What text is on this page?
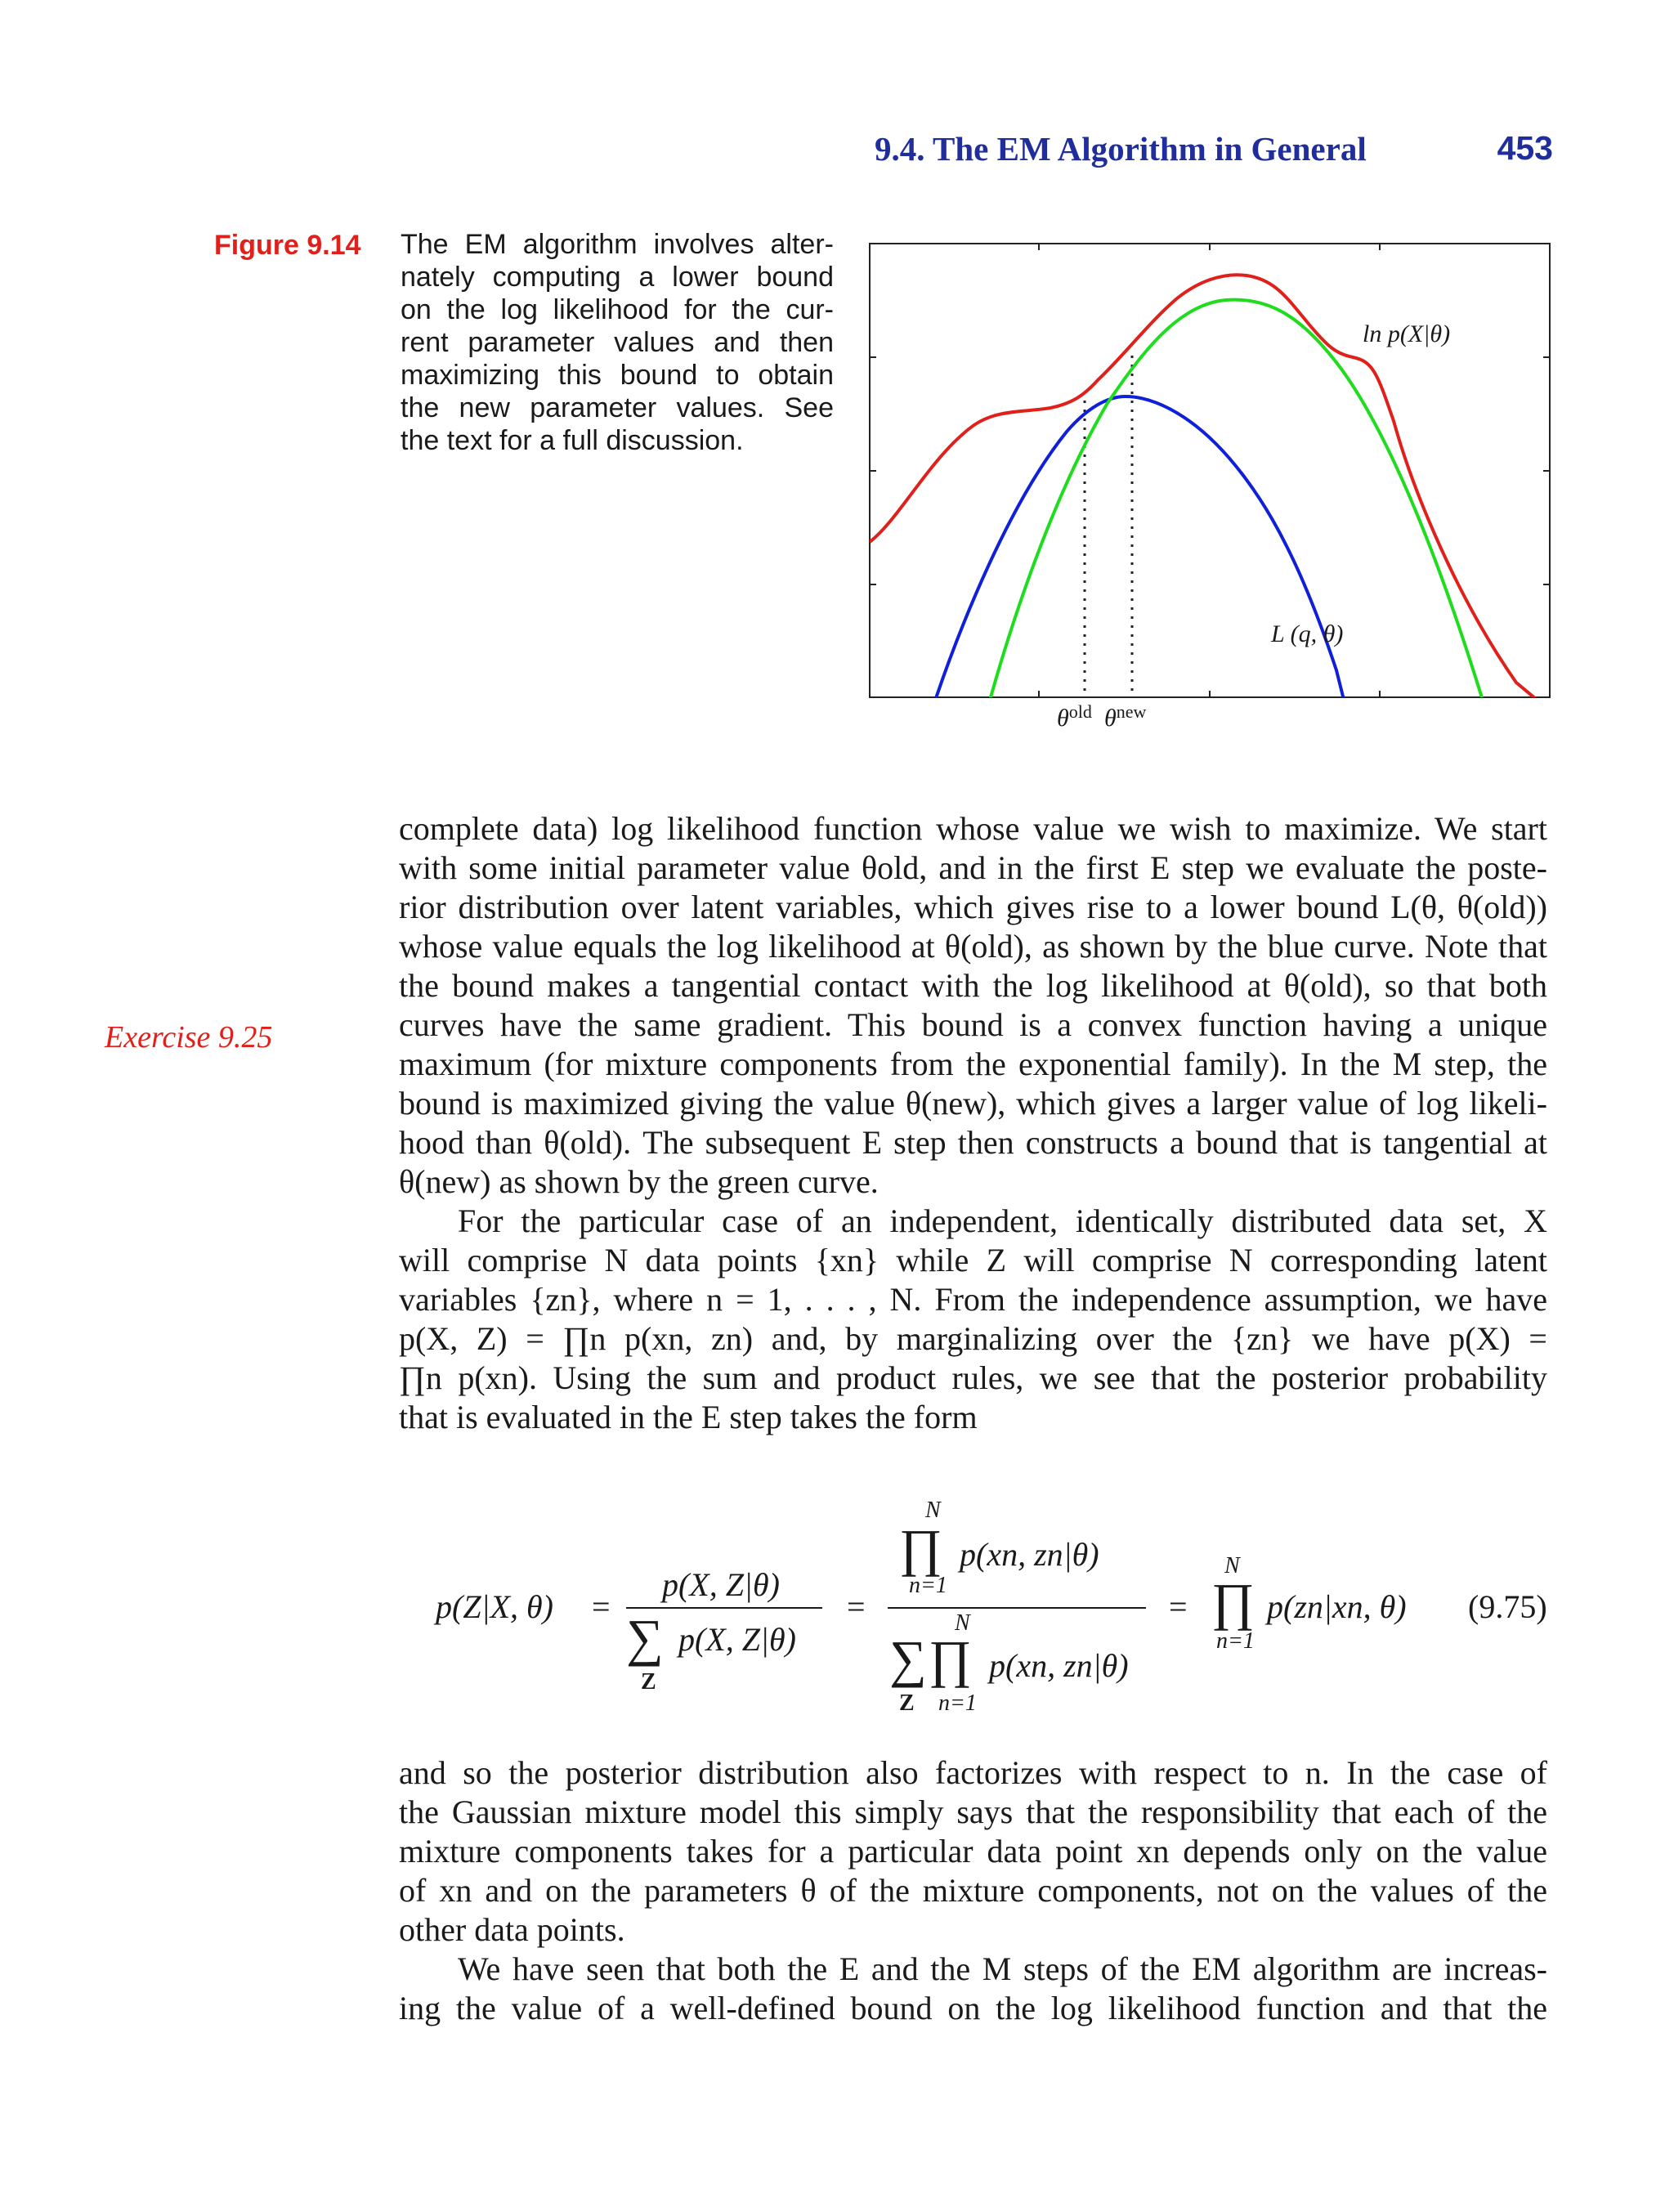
9.4. The EM Algorithm in General	453
Figure 9.14 The EM algorithm involves alter-
nately computing a lower bound
on the log likelihood for the cur-
rent parameter values and then
maximizing this bound to obtain
the new parameter values. See
the text for a full discussion.
ln p(X|θ)
L (q, θ)
$\theta^{old}$ $\theta^{new}$
Exercise 9.25
complete data) log likelihood function whose value we wish to maximize. We start
with some initial parameter value θold, and in the first E step we evaluate the poste-
rior distribution over latent variables, which gives rise to a lower bound L(θ, θ(old))
whose value equals the log likelihood at θ(old), as shown by the blue curve. Note that
the bound makes a tangential contact with the log likelihood at θ(old), so that both
curves have the same gradient. This bound is a convex function having a unique
maximum (for mixture components from the exponential family). In the M step, the
bound is maximized giving the value θ(new), which gives a larger value of log likeli-
hood than θ(old). The subsequent E step then constructs a bound that is tangential at
θ(new) as shown by the green curve.
For the particular case of an independent, identically distributed data set, X
will comprise N data points {xn} while Z will comprise N corresponding latent
variables {zn}, where n = 1, . . . , N. From the independence assumption, we have
p(X, Z) = ∏n p(xn, zn) and, by marginalizing over the {zn} we have p(X) =
∏n p(xn). Using the sum and product rules, we see that the posterior probability
that is evaluated in the E step takes the form
p(Z|X, θ) =
p(X, Z|θ)
∑ p(X, Z|θ)
Z
=
N
∏ p(xn, zn|θ)
n=1
N
∑ ∏ p(xn, zn|θ)
Z n=1
=
N
∏
n=1
p(zn|xn, θ) (9.75)
and so the posterior distribution also factorizes with respect to n. In the case of
the Gaussian mixture model this simply says that the responsibility that each of the
mixture components takes for a particular data point xn depends only on the value
of xn and on the parameters θ of the mixture components, not on the values of the
other data points.
We have seen that both the E and the M steps of the EM algorithm are increas-
ing the value of a well-defined bound on the log likelihood function and that the
